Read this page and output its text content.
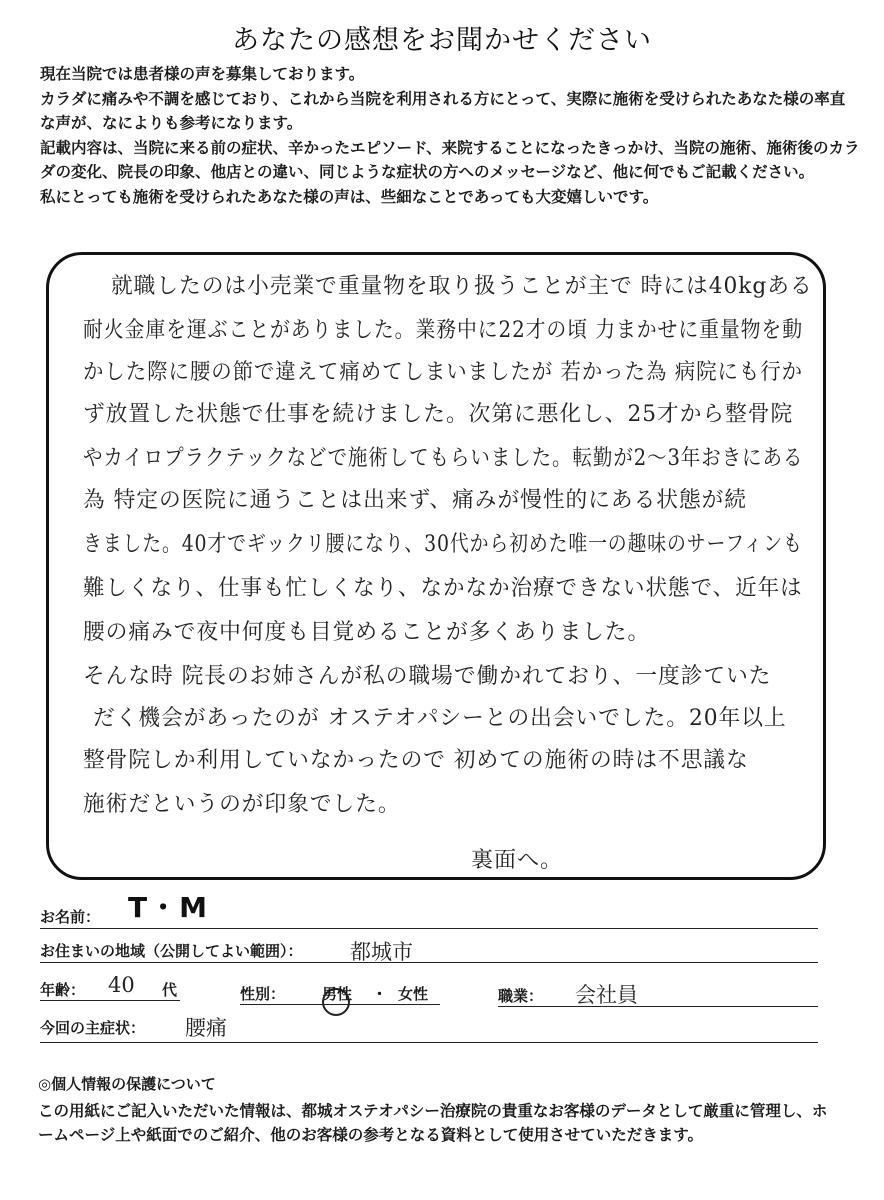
あなたの感想をお聞かせください

現在当院では患者様の声を募集しております。

カラダに痛みや不調を感じており、これから当院を利用される方にとって、実際に施術を受けられたあなた様の率直な声が、なによりも参考になります。

記載内容は、当院に来る前の症状、辛かったエピソード、来院することになったきっかけ、当院の施術、施術後のカラダの変化、院長の印象、他店との違い、同じような症状の方へのメッセージなど、他に何でもご記載ください。

私にとっても施術を受けられたあなた様の声は、些細なことであっても大変嬉しいです。

就職したのは小売業で重量物を取り扱うことが主で 時には40kgある
耐火金庫を運ぶことがありました。業務中に22才の頃 力まかせに重量物を動
かした際に腰の節で違えて痛めてしまいましたが 若かった為 病院にも行か
ず放置した状態で仕事を続けました。次第に悪化し、25才から整骨院
やカイロプラクテックなどで施術してもらいました。転勤が2〜3年おきにある
為 特定の医院に通うことは出来ず、痛みが慢性的にある状態が続
きました。40才でギックリ腰になり、30代から初めた唯一の趣味のサーフィンも
難しくなり、仕事も忙しくなり、なかなか治療できない状態で、近年は
腰の痛みで夜中何度も目覚めることが多くありました。
そんな時 院長のお姉さんが私の職場で働かれており、一度診ていた
だく機会があったのが オステオパシーとの出会いでした。20年以上
整骨院しか利用していなかったので 初めての施術の時は不思議な
施術だというのが印象でした。
裏面へ。
お名前： T・M
お住まいの地域（公開してよい範囲）： 都城市
年齢： 40 代	性別： 男性 ・ 女性	職業： 会社員
今回の主症状： 腰痛
◎個人情報の保護について

この用紙にご記入いただいた情報は、都城オステオパシー治療院の貴重なお客様のデータとして厳重に管理し、ホームページ上や紙面でのご紹介、他のお客様の参考となる資料として使用させていただきます。
